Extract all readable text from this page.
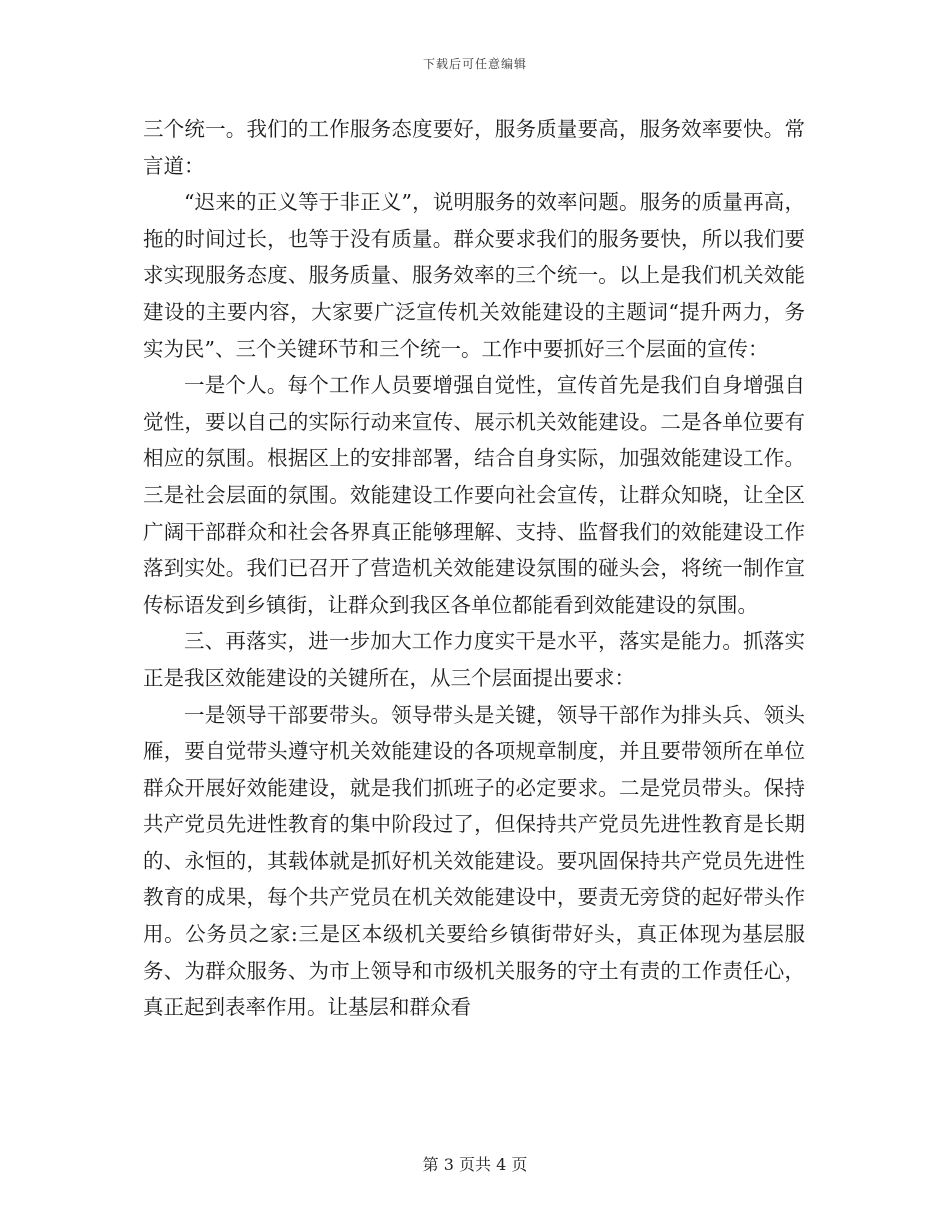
下载后可任意编辑

三个统一。我们的工作服务态度要好，服务质量要高，服务效率要快。常言道：

“迟来的正义等于非正义”，说明服务的效率问题。服务的质量再高，拖的时间过长，也等于没有质量。群众要求我们的服务要快，所以我们要求实现服务态度、服务质量、服务效率的三个统一。以上是我们机关效能建设的主要内容，大家要广泛宣传机关效能建设的主题词“提升两力，务实为民”、三个关键环节和三个统一。工作中要抓好三个层面的宣传：

一是个人。每个工作人员要增强自觉性，宣传首先是我们自身增强自觉性，要以自己的实际行动来宣传、展示机关效能建设。二是各单位要有相应的氛围。根据区上的安排部署，结合自身实际，加强效能建设工作。三是社会层面的氛围。效能建设工作要向社会宣传，让群众知晓，让全区广阔干部群众和社会各界真正能够理解、支持、监督我们的效能建设工作落到实处。我们已召开了营造机关效能建设氛围的碰头会，将统一制作宣传标语发到乡镇街，让群众到我区各单位都能看到效能建设的氛围。

三、再落实，进一步加大工作力度实干是水平，落实是能力。抓落实正是我区效能建设的关键所在，从三个层面提出要求：

一是领导干部要带头。领导带头是关键，领导干部作为排头兵、领头雁，要自觉带头遵守机关效能建设的各项规章制度，并且要带领所在单位群众开展好效能建设，就是我们抓班子的必定要求。二是党员带头。保持共产党员先进性教育的集中阶段过了，但保持共产党员先进性教育是长期的、永恒的，其载体就是抓好机关效能建设。要巩固保持共产党员先进性教育的成果，每个共产党员在机关效能建设中，要责无旁贷的起好带头作用。公务员之家:三是区本级机关要给乡镇街带好头，真正体现为基层服务、为群众服务、为市上领导和市级机关服务的守土有责的工作责任心，真正起到表率作用。让基层和群众看

第 3 页共 4 页
